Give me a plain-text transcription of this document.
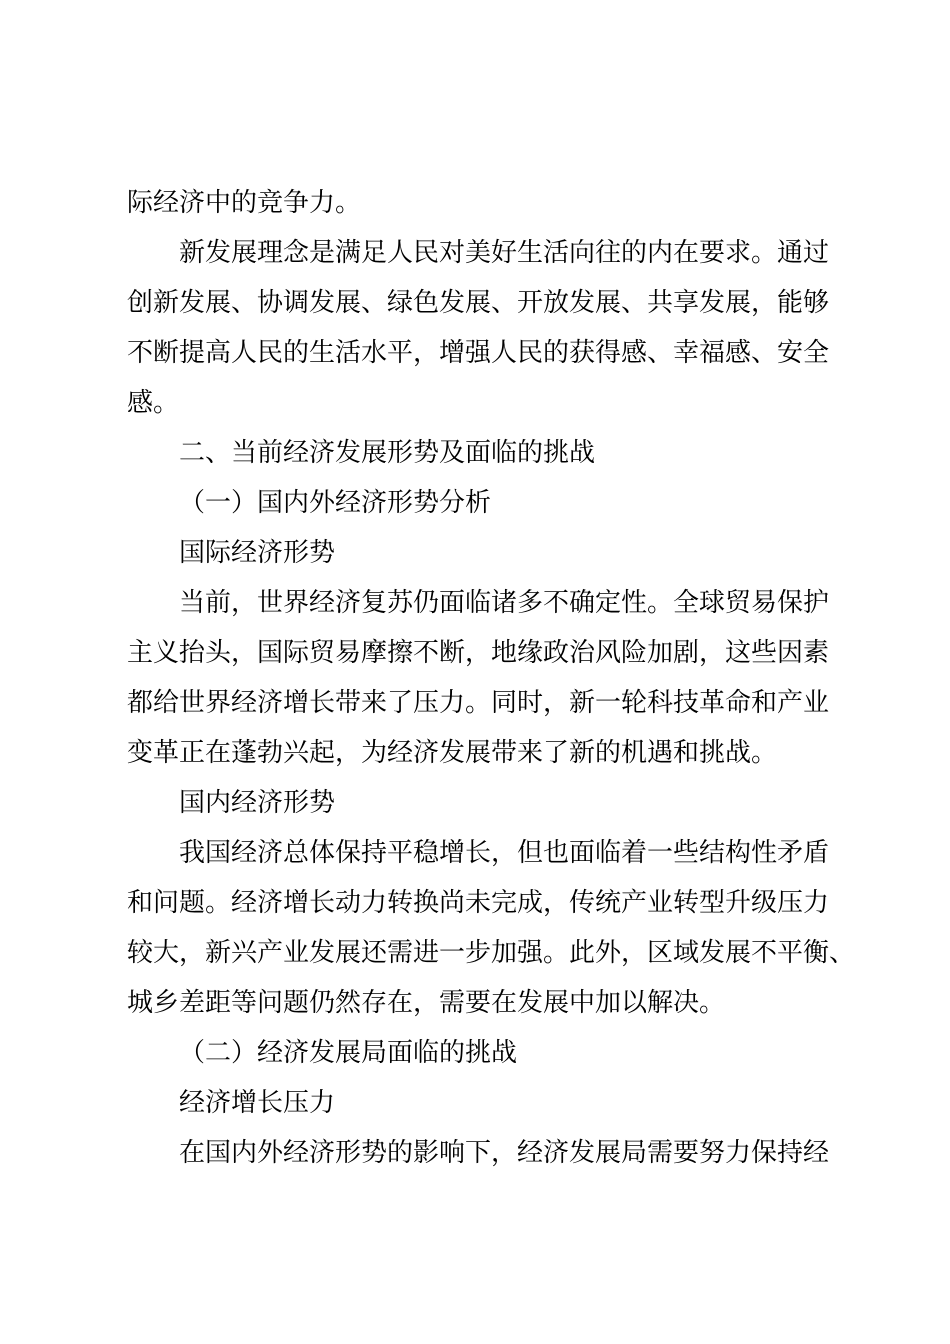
际经济中的竞争力。

新发展理念是满足人民对美好生活向往的内在要求。通过
创新发展、协调发展、绿色发展、开放发展、共享发展，能够
不断提高人民的生活水平，增强人民的获得感、幸福感、安全
感。

二、当前经济发展形势及面临的挑战

（一）国内外经济形势分析

国际经济形势

当前，世界经济复苏仍面临诸多不确定性。全球贸易保护
主义抬头，国际贸易摩擦不断，地缘政治风险加剧，这些因素
都给世界经济增长带来了压力。同时，新一轮科技革命和产业
变革正在蓬勃兴起，为经济发展带来了新的机遇和挑战。

国内经济形势

我国经济总体保持平稳增长，但也面临着一些结构性矛盾
和问题。经济增长动力转换尚未完成，传统产业转型升级压力
较大，新兴产业发展还需进一步加强。此外，区域发展不平衡、
城乡差距等问题仍然存在，需要在发展中加以解决。

（二）经济发展局面临的挑战

经济增长压力

在国内外经济形势的影响下，经济发展局需要努力保持经
